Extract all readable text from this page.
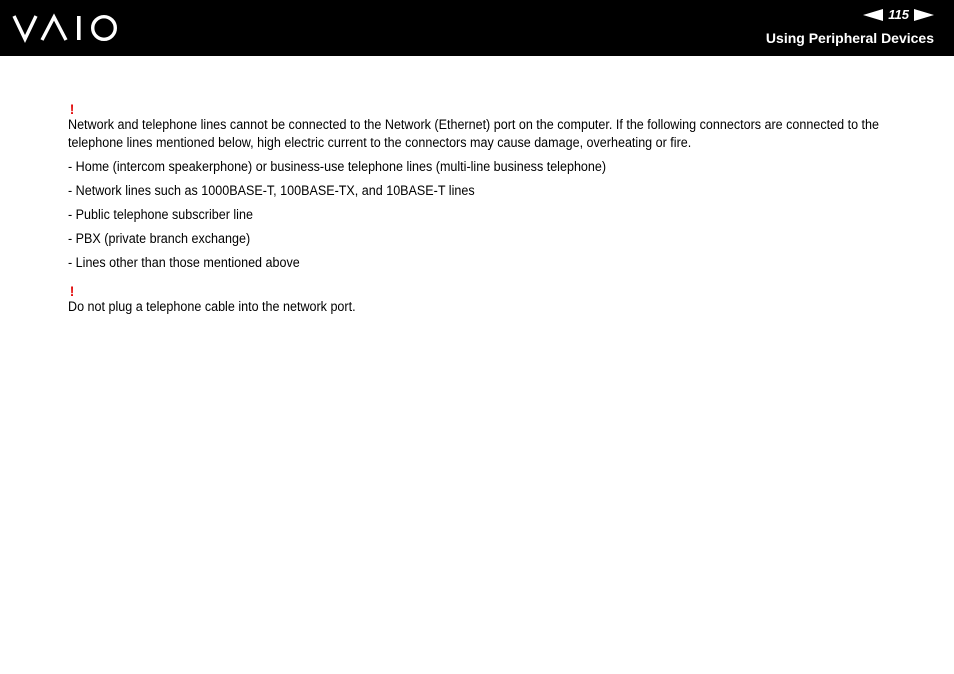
115
Using Peripheral Devices
!

Network and telephone lines cannot be connected to the Network (Ethernet) port on the computer. If the following connectors are connected to the telephone lines mentioned below, high electric current to the connectors may cause damage, overheating or fire.

- Home (intercom speakerphone) or business-use telephone lines (multi-line business telephone)
- Network lines such as 1000BASE-T, 100BASE-TX, and 10BASE-T lines
- Public telephone subscriber line
- PBX (private branch exchange)
- Lines other than those mentioned above
!

Do not plug a telephone cable into the network port.
